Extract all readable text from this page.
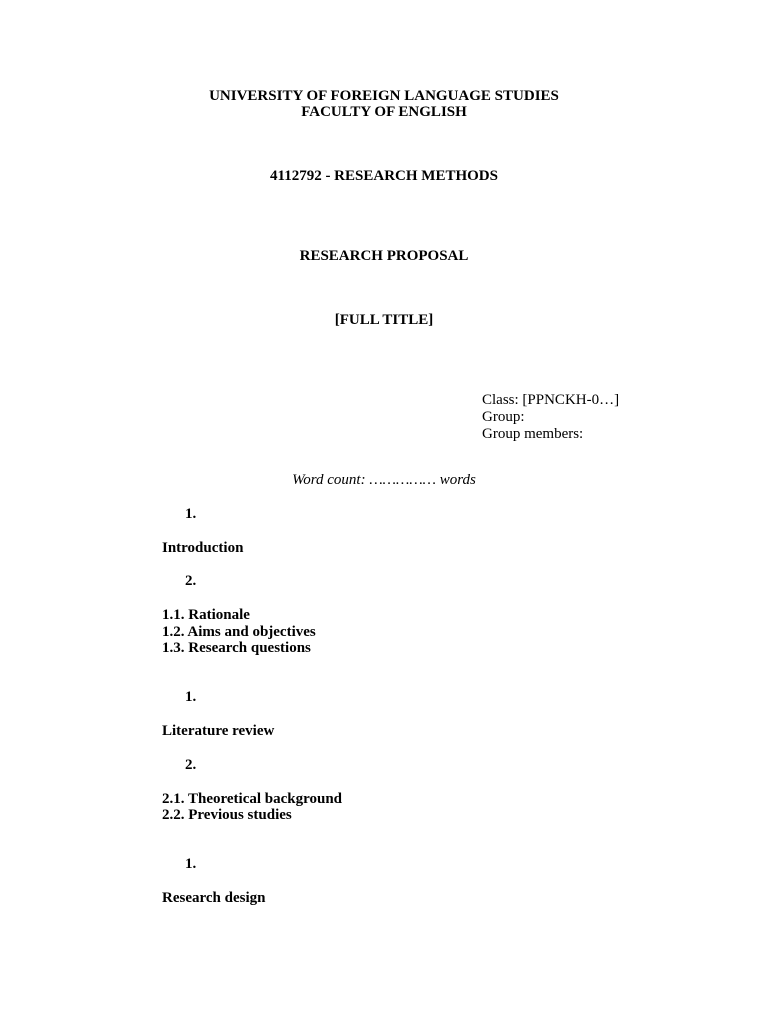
UNIVERSITY OF FOREIGN LANGUAGE STUDIES
FACULTY OF ENGLISH
4112792 - RESEARCH METHODS
RESEARCH PROPOSAL
[FULL TITLE]
Class: [PPNCKH-0…]
Group:
Group members:
Word count: …………… words
1.
Introduction
2.
1.1. Rationale
1.2. Aims and objectives
1.3. Research questions
1.
Literature review
2.
2.1. Theoretical background
2.2. Previous studies
1.
Research design
